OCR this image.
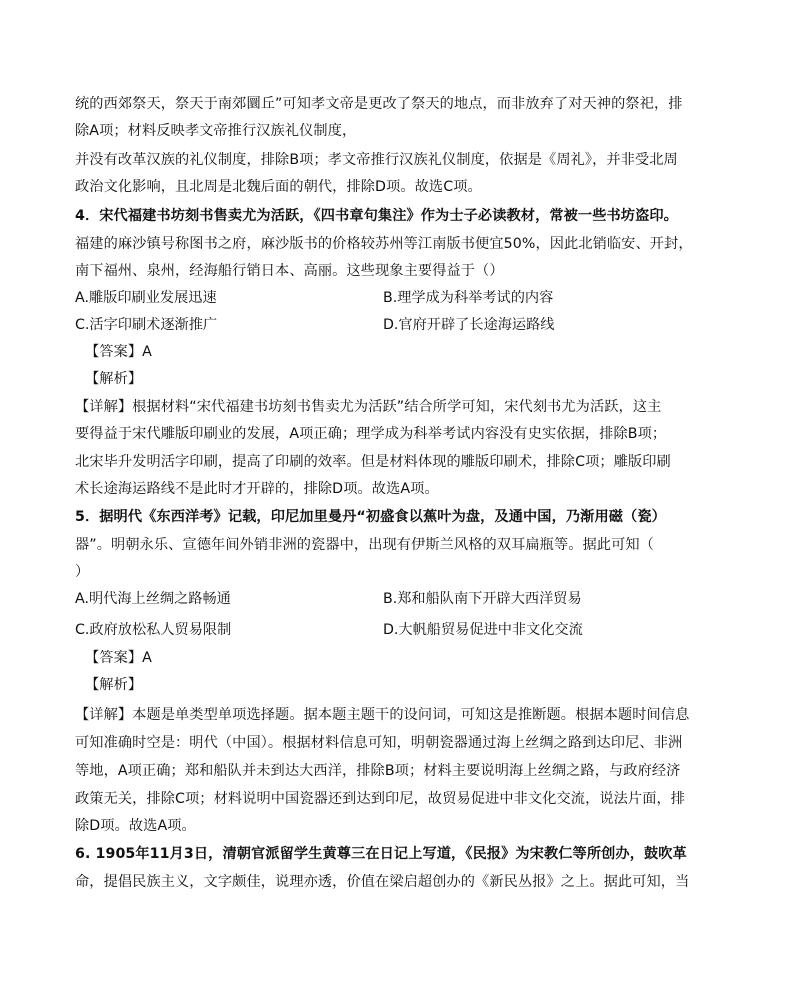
统的西郊祭天，祭天于南郊圜丘”可知孝文帝是更改了祭天的地点，而非放弃了对天神的祭祀，排
除A项；材料反映孝文帝推行汉族礼仪制度，
并没有改革汉族的礼仪制度，排除B项；孝文帝推行汉族礼仪制度，依据是《周礼》，并非受北周
政治文化影响，且北周是北魏后面的朝代，排除D项。故选C项。
4．宋代福建书坊刻书售卖尤为活跃，《四书章句集注》作为士子必读教材，常被一些书坊盗印。
福建的麻沙镇号称图书之府，麻沙版书的价格较苏州等江南版书便宜50%，因此北销临安、开封，
南下福州、泉州，经海船行销日本、高丽。这些现象主要得益于（）
A.雕版印刷业发展迅速	B.理学成为科举考试的内容
C.活字印刷术逐渐推广	D.官府开辟了长途海运路线
【答案】A
【解析】
【详解】根据材料“宋代福建书坊刻书售卖尤为活跃”结合所学可知，宋代刻书尤为活跃，这主
要得益于宋代雕版印刷业的发展，A项正确；理学成为科举考试内容没有史实依据，排除B项；
北宋毕升发明活字印刷，提高了印刷的效率。但是材料体现的雕版印刷术，排除C项；雕版印刷
术长途海运路线不是此时才开辟的，排除D项。故选A项。
5．据明代《东西洋考》记载，印尼加里曼丹“初盛食以蕉叶为盘，及通中国，乃渐用磁（瓷）
器”。明朝永乐、宣德年间外销非洲的瓷器中，出现有伊斯兰风格的双耳扁瓶等。据此可知（
）
A.明代海上丝绸之路畅通	B.郑和船队南下开辟大西洋贸易
C.政府放松私人贸易限制	D.大帆船贸易促进中非文化交流
【答案】A
【解析】
【详解】本题是单类型单项选择题。据本题主题干的设问词，可知这是推断题。根据本题时间信息
可知准确时空是：明代（中国）。根据材料信息可知，明朝瓷器通过海上丝绸之路到达印尼、非洲
等地，A项正确；郑和船队并未到达大西洋，排除B项；材料主要说明海上丝绸之路，与政府经济
政策无关，排除C项；材料说明中国瓷器还到达到印尼，故贸易促进中非文化交流，说法片面，排
除D项。故选A项。
6. 1905年11月3日，清朝官派留学生黄尊三在日记上写道，《民报》为宋教仁等所创办，鼓吹革
命，提倡民族主义，文字颇佳，说理亦透，价值在梁启超创办的《新民丛报》之上。据此可知，当
